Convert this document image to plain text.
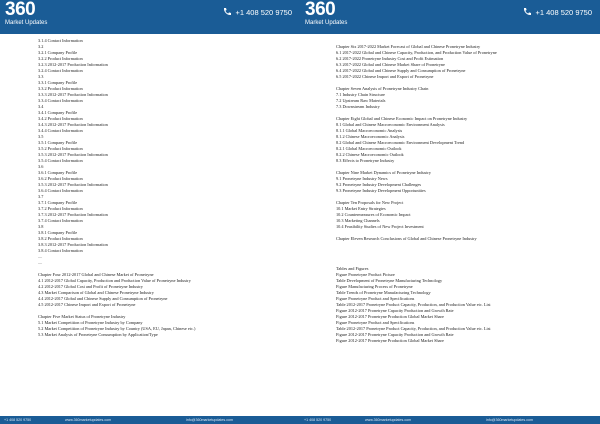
360
Market Updates
+1 408 520 9750
3.1.4 Contact Information
3.2
3.2.1 Company Profile
3.2.2 Product Information
3.2.3 2012-2017 Production Information
3.2.4 Contact Information
3.3
3.3.1 Company Profile
3.3.2 Product Information
3.3.3 2012-2017 Production Information
3.3.4 Contact Information
3.4
3.4.1 Company Profile
3.4.2 Product Information
3.4.3 2012-2017 Production Information
3.4.4 Contact Information
3.5
3.5.1 Company Profile
3.5.2 Product Information
3.5.3 2012-2017 Production Information
3.5.4 Contact Information
3.6
3.6.1 Company Profile
3.6.2 Product Information
3.5.3 2012-2017 Production Information
3.6.4 Contact Information
3.7
3.7.1 Company Profile
3.7.2 Product Information
3.7.3 2012-2017 Production Information
3.7.4 Contact Information
3.8
3.8.1 Company Profile
3.8.2 Product Information
3.8.3 2012-2017 Production Information
3.8.4 Contact Information
....
....
Chapter Four 2012-2017 Global and Chinese Market of Pronetryne
4.1 2012-2017 Global Capacity, Production and Production Value of Pronetryne Industry
4.2 2012-2017 Global Cost and Profit of Pronetryne Industry
4.3 Market Comparison of Global and Chinese Pronetryne Industry
4.4 2012-2017 Global and Chinese Supply and Consumption of Pronetryne
4.5 2012-2017 Chinese Import and Export of Pronetryne
Chapter Five Market Status of Pronetryne Industry
5.1 Market Competition of Pronetryne Industry by Company
5.2 Market Competition of Pronetryne Industry by Country (USA, EU, Japan, Chinese etc.)
5.3 Market Analysis of Pronetryne Consumption by Application/Type
+1 408 520 9750	www.360marketupdates.com	info@360marketupdates.com
360
Market Updates
+1 408 520 9750
Chapter Six 2017-2022 Market Forecast of Global and Chinese Pronetryne Industry
6.1 2017-2022 Global and Chinese Capacity, Production, and Production Value of Pronetryne
6.2 2017-2022 Pronetryne Industry Cost and Profit Estimation
6.3 2017-2022 Global and Chinese Market Share of Pronetryne
6.4 2017-2022 Global and Chinese Supply and Consumption of Pronetryne
6.5 2017-2022 Chinese Import and Export of Pronetryne
Chapter Seven Analysis of Pronetryne Industry Chain
7.1 Industry Chain Structure
7.2 Upstream Raw Materials
7.3 Downstream Industry
Chapter Eight Global and Chinese Economic Impact on Pronetryne Industry
8.1 Global and Chinese Macroeconomic Environment Analysis
8.1.1 Global Macroeconomic Analysis
8.1.2 Chinese Macroeconomic Analysis
8.2 Global and Chinese Macroeconomic Environment Development Trend
8.2.1 Global Macroeconomic Outlook
8.2.2 Chinese Macroeconomic Outlook
8.3 Effects to Pronetryne Industry
Chapter Nine Market Dynamics of Pronetryne Industry
9.1 Pronetryne Industry News
9.2 Pronetryne Industry Development Challenges
9.3 Pronetryne Industry Development Opportunities
Chapter Ten Proposals for New Project
10.1 Market Entry Strategies
10.2 Countermeasures of Economic Impact
10.3 Marketing Channels
10.4 Feasibility Studies of New Project Investment
Chapter Eleven Research Conclusions of Global and Chinese Pronetryne Industry
Tables and Figures
Figure Pronetryne Product Picture
Table Development of Pronetryne Manufacturing Technology
Figure Manufacturing Process of Pronetryne
Table Trends of Pronetryne Manufacturing Technology
Figure Pronetryne Product and Specifications
Table 2012-2017 Pronetryne Product Capacity, Production, and Production Value etc. List
Figure 2012-2017 Pronetryne Capacity Production and Growth Rate
Figure 2012-2017 Pronetryne Production Global Market Share
Figure Pronetryne Product and Specifications
Table 2012-2017 Pronetryne Product Capacity, Production, and Production Value etc. List
Figure 2012-2017 Pronetryne Capacity Production and Growth Rate
Figure 2012-2017 Pronetryne Production Global Market Share
+1 408 520 9750	www.360marketupdates.com	info@360marketupdates.com
